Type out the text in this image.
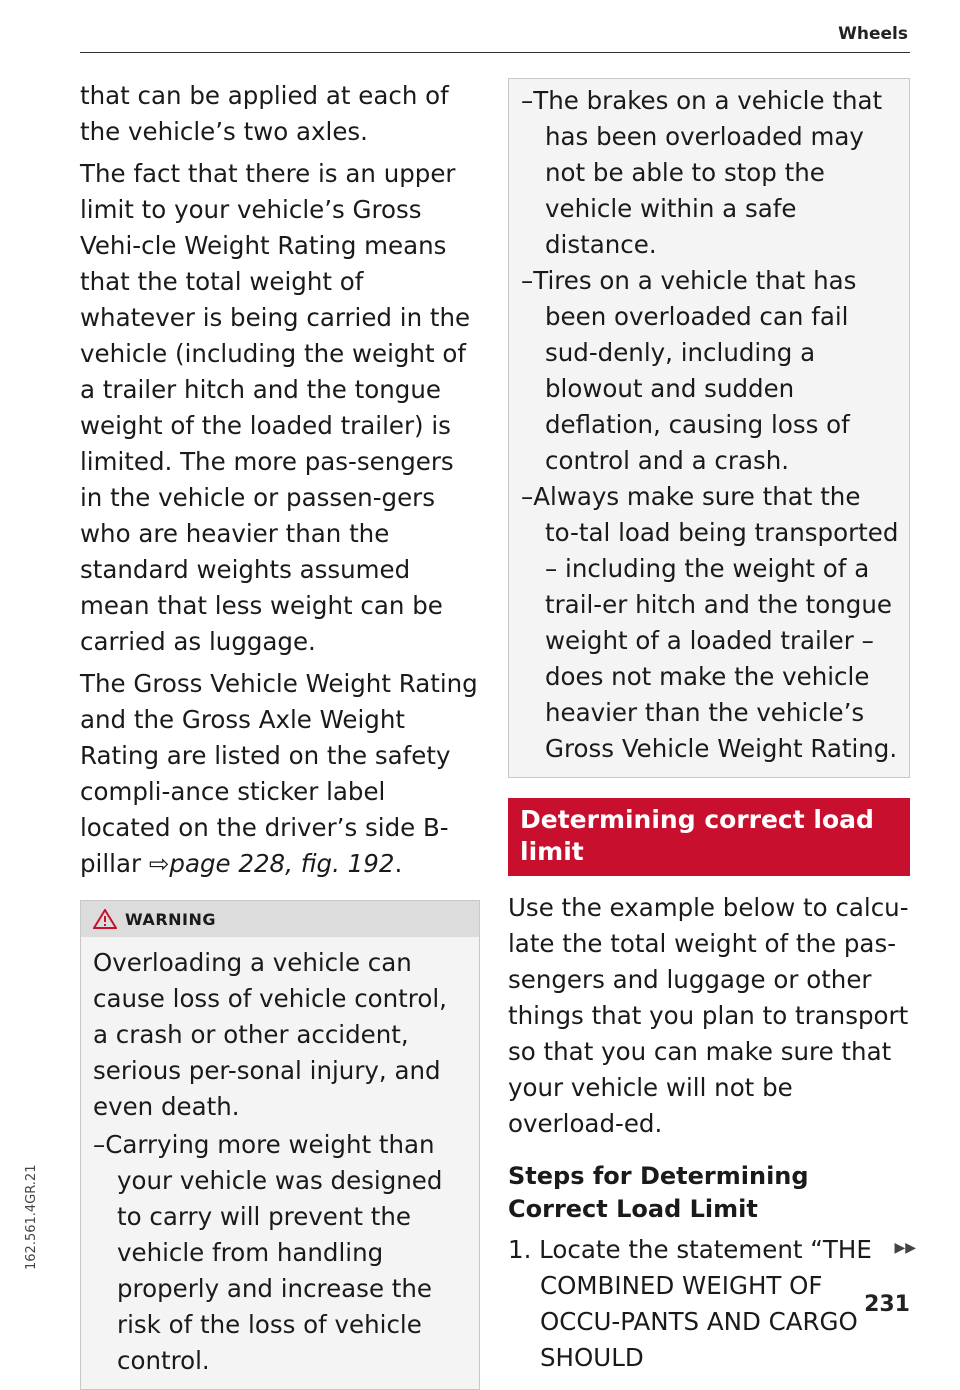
Wheels

that can be applied at each of the vehicle’s two axles.

The fact that there is an upper limit to your vehicle’s Gross Vehi-cle Weight Rating means that the total weight of whatever is being carried in the vehicle (including the weight of a trailer hitch and the tongue weight of the loaded trailer) is limited. The more pas-sengers in the vehicle or passen-gers who are heavier than the standard weights assumed mean that less weight can be carried as luggage.

The Gross Vehicle Weight Rating and the Gross Axle Weight Rating are listed on the safety compli-ance sticker label located on the driver’s side B-pillar ⇨page 228, fig. 192.

WARNING

Overloading a vehicle can cause loss of vehicle control, a crash or other accident, serious per-sonal injury, and even death.

–Carrying more weight than your vehicle was designed to carry will prevent the vehicle from handling properly and increase the risk of the loss of vehicle control.

–The brakes on a vehicle that has been overloaded may not be able to stop the vehicle within a safe distance.

–Tires on a vehicle that has been overloaded can fail sud-denly, including a blowout and sudden deflation, causing loss of control and a crash.

–Always make sure that the to-tal load being transported – including the weight of a trail-er hitch and the tongue weight of a loaded trailer – does not make the vehicle heavier than the vehicle’s Gross Vehicle Weight Rating.

Determining correct load limit

Use the example below to calcu-late the total weight of the pas-sengers and luggage or other things that you plan to transport so that you can make sure that your vehicle will not be overload-ed.

Steps for Determining Correct Load Limit

1. Locate the statement “THE COMBINED WEIGHT OF OCCU-PANTS AND CARGO SHOULD

▶▶
231
162.561.4GR.21
